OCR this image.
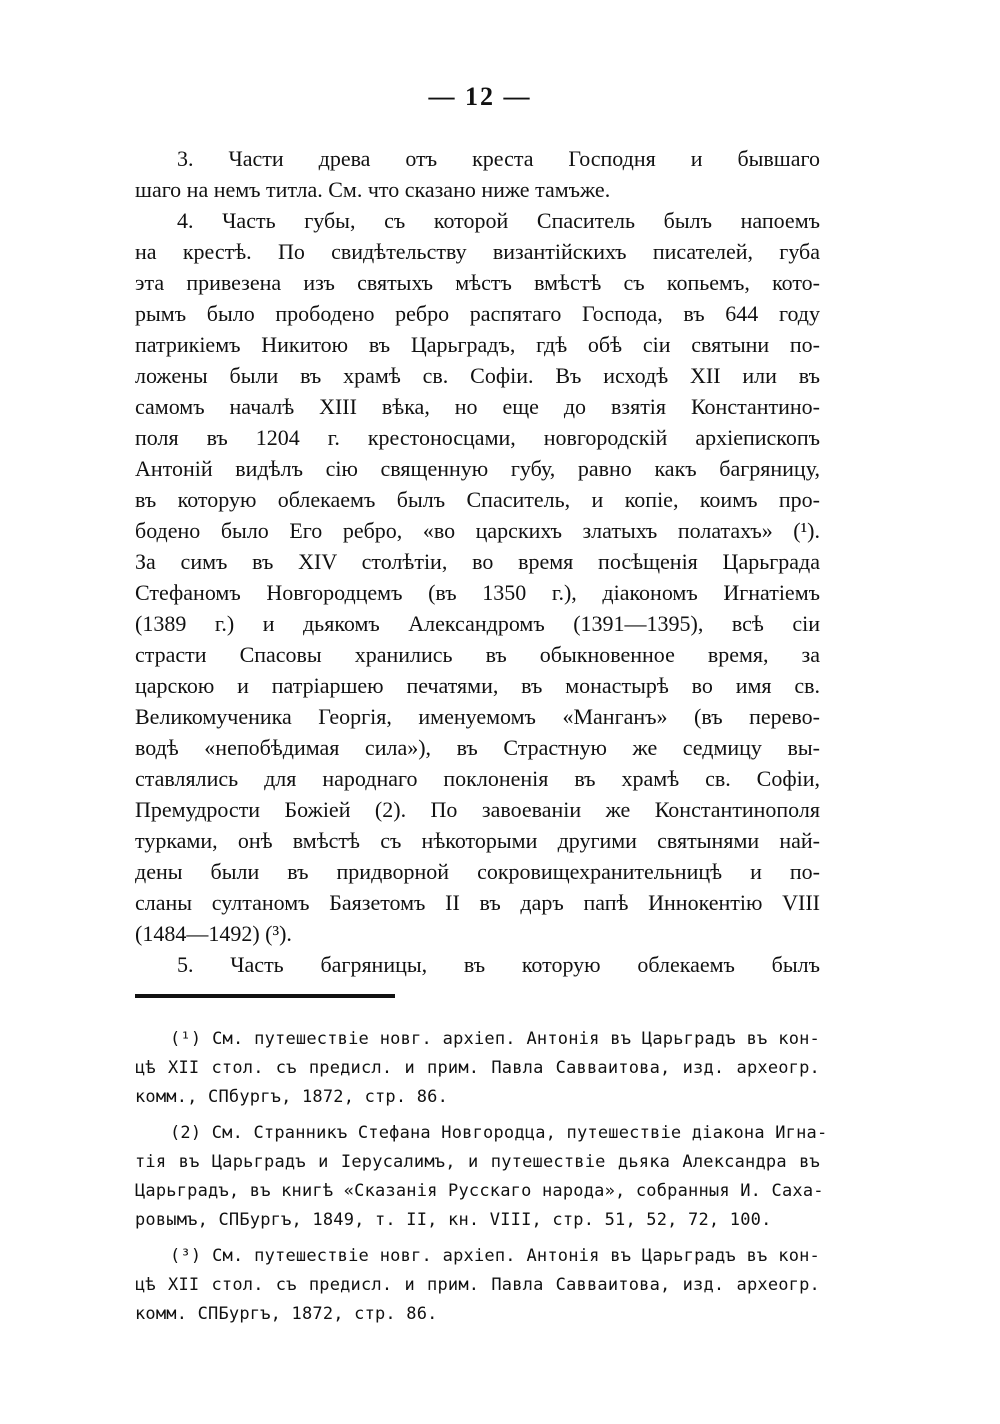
— 12 —
3. Части древа отъ креста Господня и бывшаго
шаго на немъ титла. См. что сказано ниже тамъже.
4. Часть губы, съ которой Спаситель былъ напоемъ
на крестѣ. По свидѣтельству византійскихъ писателей, губа
эта привезена изъ святыхъ мѣстъ вмѣстѣ съ копьемъ, кото-
рымъ было прободено ребро распятаго Господа, въ 644 году
патрикіемъ Никитою въ Царьградъ, гдѣ обѣ сіи святыни по-
ложены были въ храмѣ св. Софіи. Въ исходѣ XII или въ
самомъ началѣ XIII вѣка, но еще до взятія Константино-
поля въ 1204 г. крестоносцами, новгородскій архіепископъ
Антоній видѣлъ сію священную губу, равно какъ багряницу,
въ которую облекаемъ былъ Спаситель, и копіе, коимъ про-
бодено было Его ребро, «во царскихъ златыхъ полатахъ» (¹).
За симъ въ XIV столѣтіи, во время посѣщенія Царьграда
Стефаномъ Новгородцемъ (въ 1350 г.), діакономъ Игнатіемъ
(1389 г.) и дьякомъ Александромъ (1391—1395), всѣ сіи
страсти Спасовы хранились въ обыкновенное время, за
царскою и патріаршею печатями, въ монастырѣ во имя св.
Великомученика Георгія, именуемомъ «Манганъ» (въ перево-
водѣ «непобѣдимая сила»), въ Страстную же седмицу вы-
ставлялись для народнаго поклоненія въ храмѣ св. Софіи,
Премудрости Божіей (2). По завоеваніи же Константинополя
турками, онѣ вмѣстѣ съ нѣкоторыми другими святынями най-
дены были въ придворной сокровищехранительницѣ и по-
сланы султаномъ Баязетомъ II въ даръ папѣ Иннокентію VIII
(1484—1492) (³).
5. Часть багряницы, въ которую облекаемъ былъ
(¹) См. путешествіе новг. архіеп. Антонія въ Царьградъ въ кон-
цѣ XII стол. съ предисл. и прим. Павла Савваитова, изд. археогр.
комм., СПбургъ, 1872, стр. 86.
(2) См. Странникъ Стефана Новгородца, путешествіе діакона Игна-
тія въ Царьградъ и Іерусалимъ, и путешествіе дьяка Александра въ
Царьградъ, въ книгѣ «Сказанія Русскаго народа», собранныя И. Саха-
ровымъ, СПБургъ, 1849, т. II, кн. VIII, стр. 51, 52, 72, 100.
(³) См. путешествіе новг. архіеп. Антонія въ Царьградъ въ кон-
цѣ XII стол. съ предисл. и прим. Павла Савваитова, изд. археогр.
комм. СПБургъ, 1872, стр. 86.
